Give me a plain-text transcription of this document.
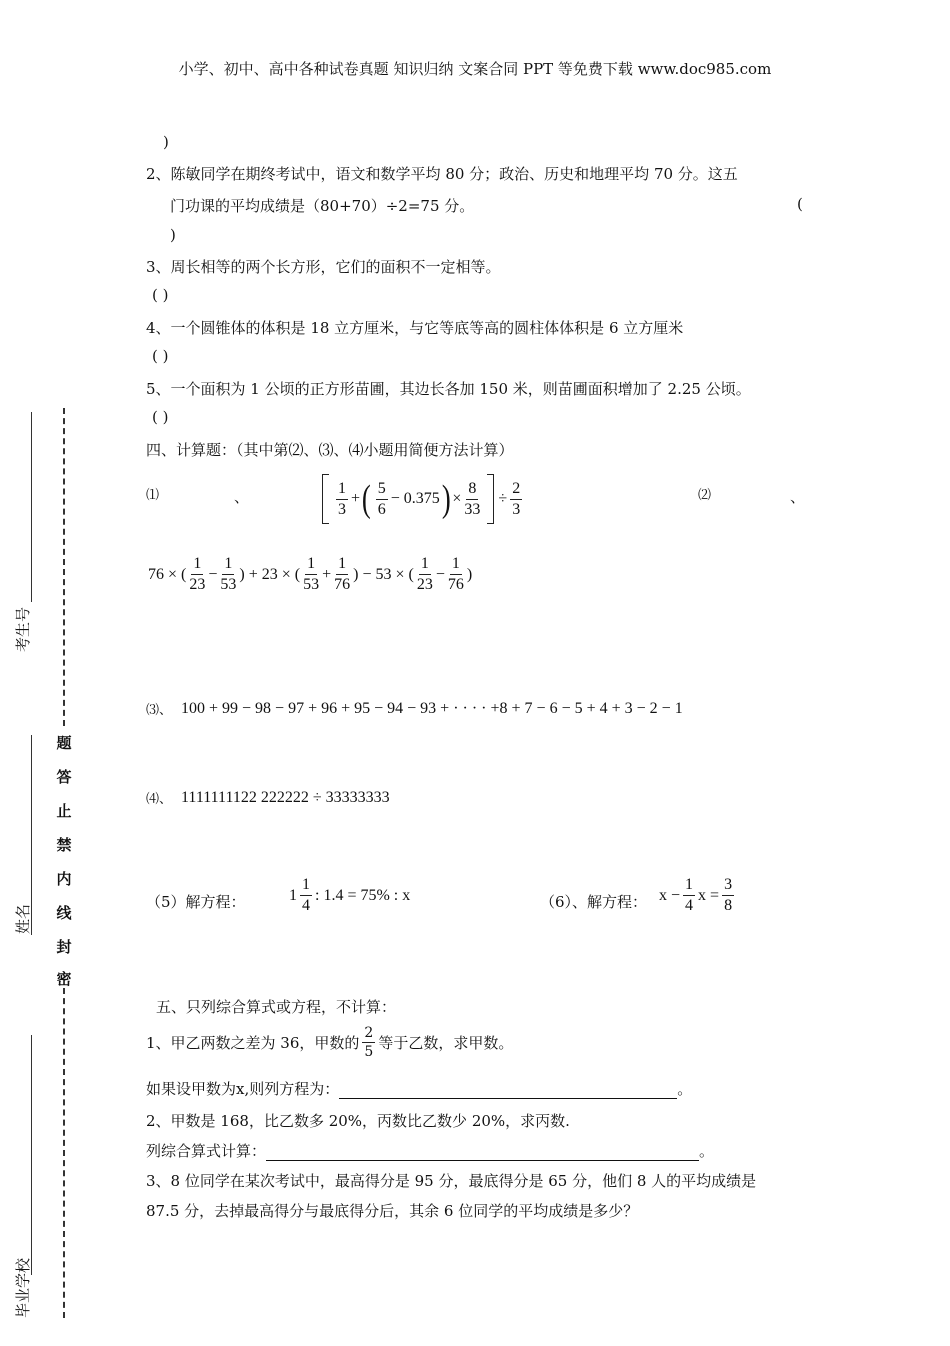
小学、初中、高中各种试卷真题 知识归纳 文案合同 PPT 等免费下载 www.doc985.com
)
2、陈敏同学在期终考试中，语文和数学平均 80 分；政治、历史和地理平均 70 分。这五
门功课的平均成绩是（80+70）÷2=75 分。	(
)
3、周长相等的两个长方形，它们的面积不一定相等。
( )
4、一个圆锥体的体积是 18 立方厘米，与它等底等高的圆柱体体积是 6 立方厘米
( )
5、一个面积为 1 公顷的正方形苗圃，其边长各加 150 米，则苗圃面积增加了 2.25 公顷。
( )
四、计算题：（其中第⑵、⑶、⑷小题用简便方法计算）
⑴	、	$\frac{1}{3}$ + ( $\frac{5}{6} - 0.375$ ) × $\frac{8}{33} \div \frac{2}{3}$	⑵	、
76 × ( $\frac{1}{23} - \frac{1}{53}$ ) + 23 × ( $\frac{1}{53} + \frac{1}{76}$ ) − 53 × ( $\frac{1}{23} - \frac{1}{76}$ )
⑶、 100 + 99 − 98 − 97 + 96 + 95 − 94 − 93 + · · · · +8 + 7 − 6 − 5 + 4 + 3 − 2 − 1
⑷、 1111111122 222222 ÷ 33333333
（5）解方程：	$1 \frac{1}{4}$ : 1.4 = 75% : x	（6）、解方程： $x - \frac{1}{4}$ $x = \frac{3}{8}$
五、只列综合算式或方程，不计算：
1、甲乙两数之差为 36，甲数的 $\frac{2}{5}$ 等于乙数，求甲数。
如果设甲数为x,则列方程为：	。
2、甲数是 168，比乙数多 20%，丙数比乙数少 20%，求丙数.
列综合算式计算：	。
3、8 位同学在某次考试中，最高得分是 95 分，最底得分是 65 分，他们 8 人的平均成绩是
87.5 分，去掉最高得分与最底得分后，其余 6 位同学的平均成绩是多少？
考生号
姓名
毕业学校
题
答
止
禁
内
线
封
密
